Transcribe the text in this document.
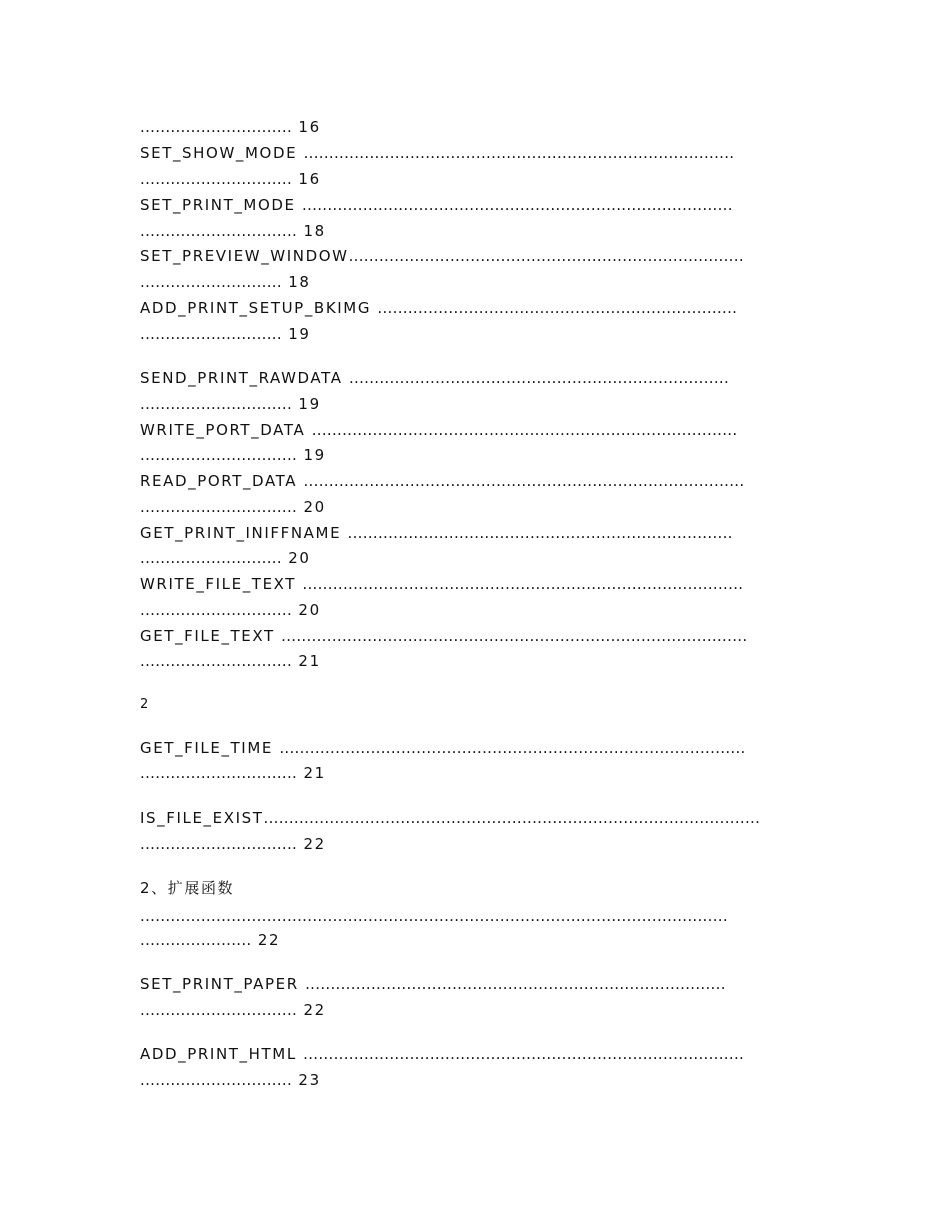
.............................. 16
SET_SHOW_MODE .....................................................................................
.............................. 16
SET_PRINT_MODE .....................................................................................
............................... 18
SET_PREVIEW_WINDOW..............................................................................
............................ 18
ADD_PRINT_SETUP_BKIMG .......................................................................
............................ 19
SEND_PRINT_RAWDATA ...........................................................................
.............................. 19
WRITE_PORT_DATA ....................................................................................
............................... 19
READ_PORT_DATA .......................................................................................
............................... 20
GET_PRINT_INIFFNAME ............................................................................
............................ 20
WRITE_FILE_TEXT .......................................................................................
.............................. 20
GET_FILE_TEXT ............................................................................................
.............................. 21
2
GET_FILE_TIME ............................................................................................
............................... 21
IS_FILE_EXIST..................................................................................................
............................... 22
2、扩展函数
....................................................................................................................
...................... 22
SET_PRINT_PAPER ...................................................................................
............................... 22
ADD_PRINT_HTML .......................................................................................
.............................. 23
